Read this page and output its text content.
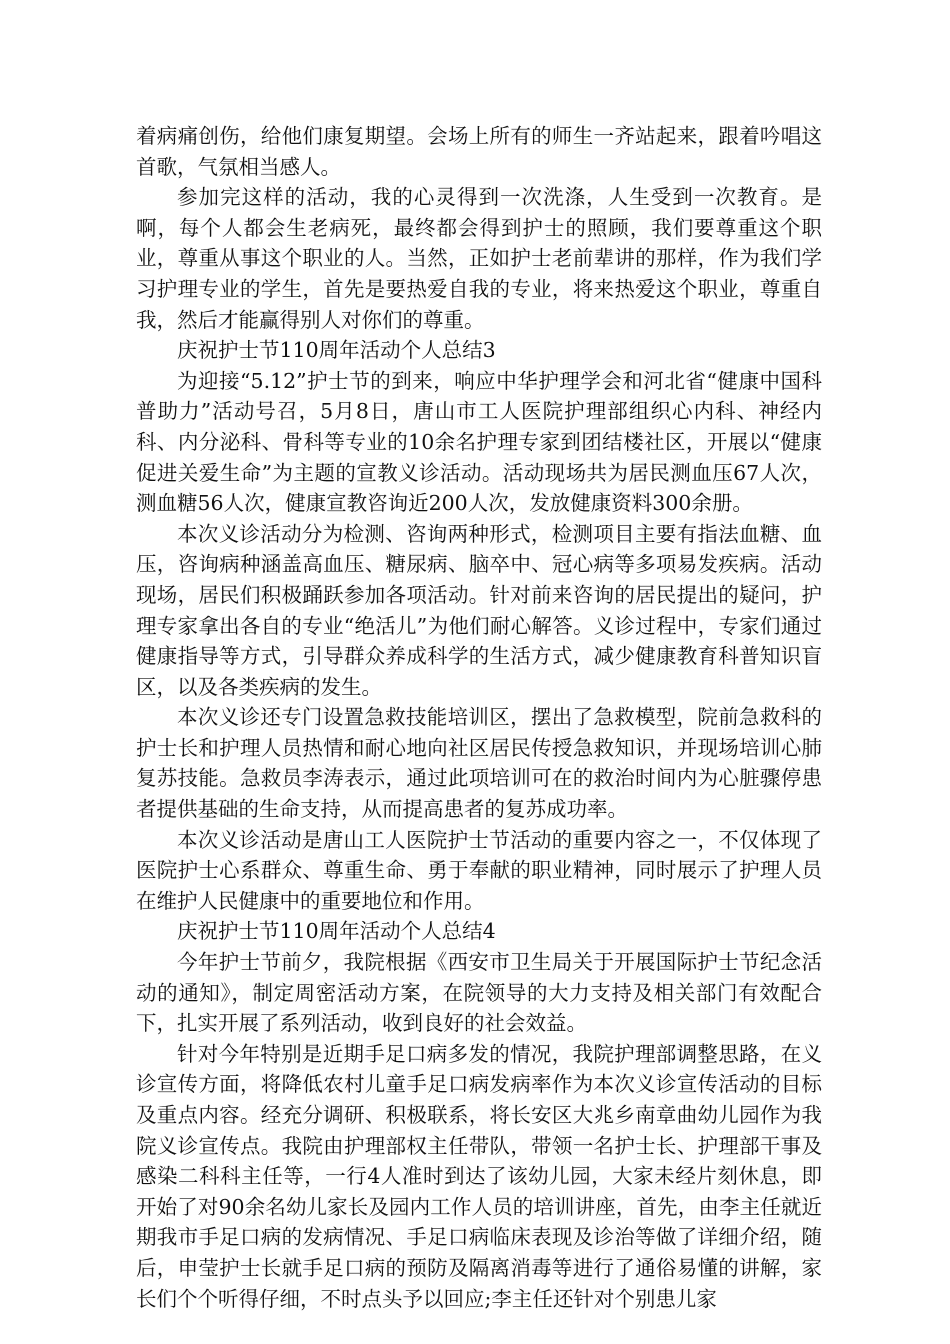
着病痛创伤，给他们康复期望。会场上所有的师生一齐站起来，跟着吟唱这首歌，气氛相当感人。

参加完这样的活动，我的心灵得到一次洗涤，人生受到一次教育。是啊，每个人都会生老病死，最终都会得到护士的照顾，我们要尊重这个职业，尊重从事这个职业的人。当然，正如护士老前辈讲的那样，作为我们学习护理专业的学生，首先是要热爱自我的专业，将来热爱这个职业，尊重自我，然后才能赢得别人对你们的尊重。

庆祝护士节110周年活动个人总结3

为迎接“5.12”护士节的到来，响应中华护理学会和河北省“健康中国科普助力”活动号召，5月8日，唐山市工人医院护理部组织心内科、神经内科、内分泌科、骨科等专业的10余名护理专家到团结楼社区，开展以“健康促进关爱生命”为主题的宣教义诊活动。活动现场共为居民测血压67人次，测血糖56人次，健康宣教咨询近200人次，发放健康资料300余册。

本次义诊活动分为检测、咨询两种形式，检测项目主要有指法血糖、血压，咨询病种涵盖高血压、糖尿病、脑卒中、冠心病等多项易发疾病。活动现场，居民们积极踊跃参加各项活动。针对前来咨询的居民提出的疑问，护理专家拿出各自的专业“绝活儿”为他们耐心解答。义诊过程中，专家们通过健康指导等方式，引导群众养成科学的生活方式，减少健康教育科普知识盲区，以及各类疾病的发生。

本次义诊还专门设置急救技能培训区，摆出了急救模型，院前急救科的护士长和护理人员热情和耐心地向社区居民传授急救知识，并现场培训心肺复苏技能。急救员李涛表示，通过此项培训可在的救治时间内为心脏骤停患者提供基础的生命支持，从而提高患者的复苏成功率。

本次义诊活动是唐山工人医院护士节活动的重要内容之一，不仅体现了医院护士心系群众、尊重生命、勇于奉献的职业精神，同时展示了护理人员在维护人民健康中的重要地位和作用。

庆祝护士节110周年活动个人总结4

今年护士节前夕，我院根据《西安市卫生局关于开展国际护士节纪念活动的通知》，制定周密活动方案，在院领导的大力支持及相关部门有效配合下，扎实开展了系列活动，收到良好的社会效益。

针对今年特别是近期手足口病多发的情况，我院护理部调整思路，在义诊宣传方面，将降低农村儿童手足口病发病率作为本次义诊宣传活动的目标及重点内容。经充分调研、积极联系，将长安区大兆乡南章曲幼儿园作为我院义诊宣传点。我院由护理部权主任带队，带领一名护士长、护理部干事及感染二科科主任等，一行4人准时到达了该幼儿园，大家未经片刻休息，即开始了对90余名幼儿家长及园内工作人员的培训讲座，首先，由李主任就近期我市手足口病的发病情况、手足口病临床表现及诊治等做了详细介绍，随后，申莹护士长就手足口病的预防及隔离消毒等进行了通俗易懂的讲解，家长们个个听得仔细，不时点头予以回应;李主任还针对个别患儿家
